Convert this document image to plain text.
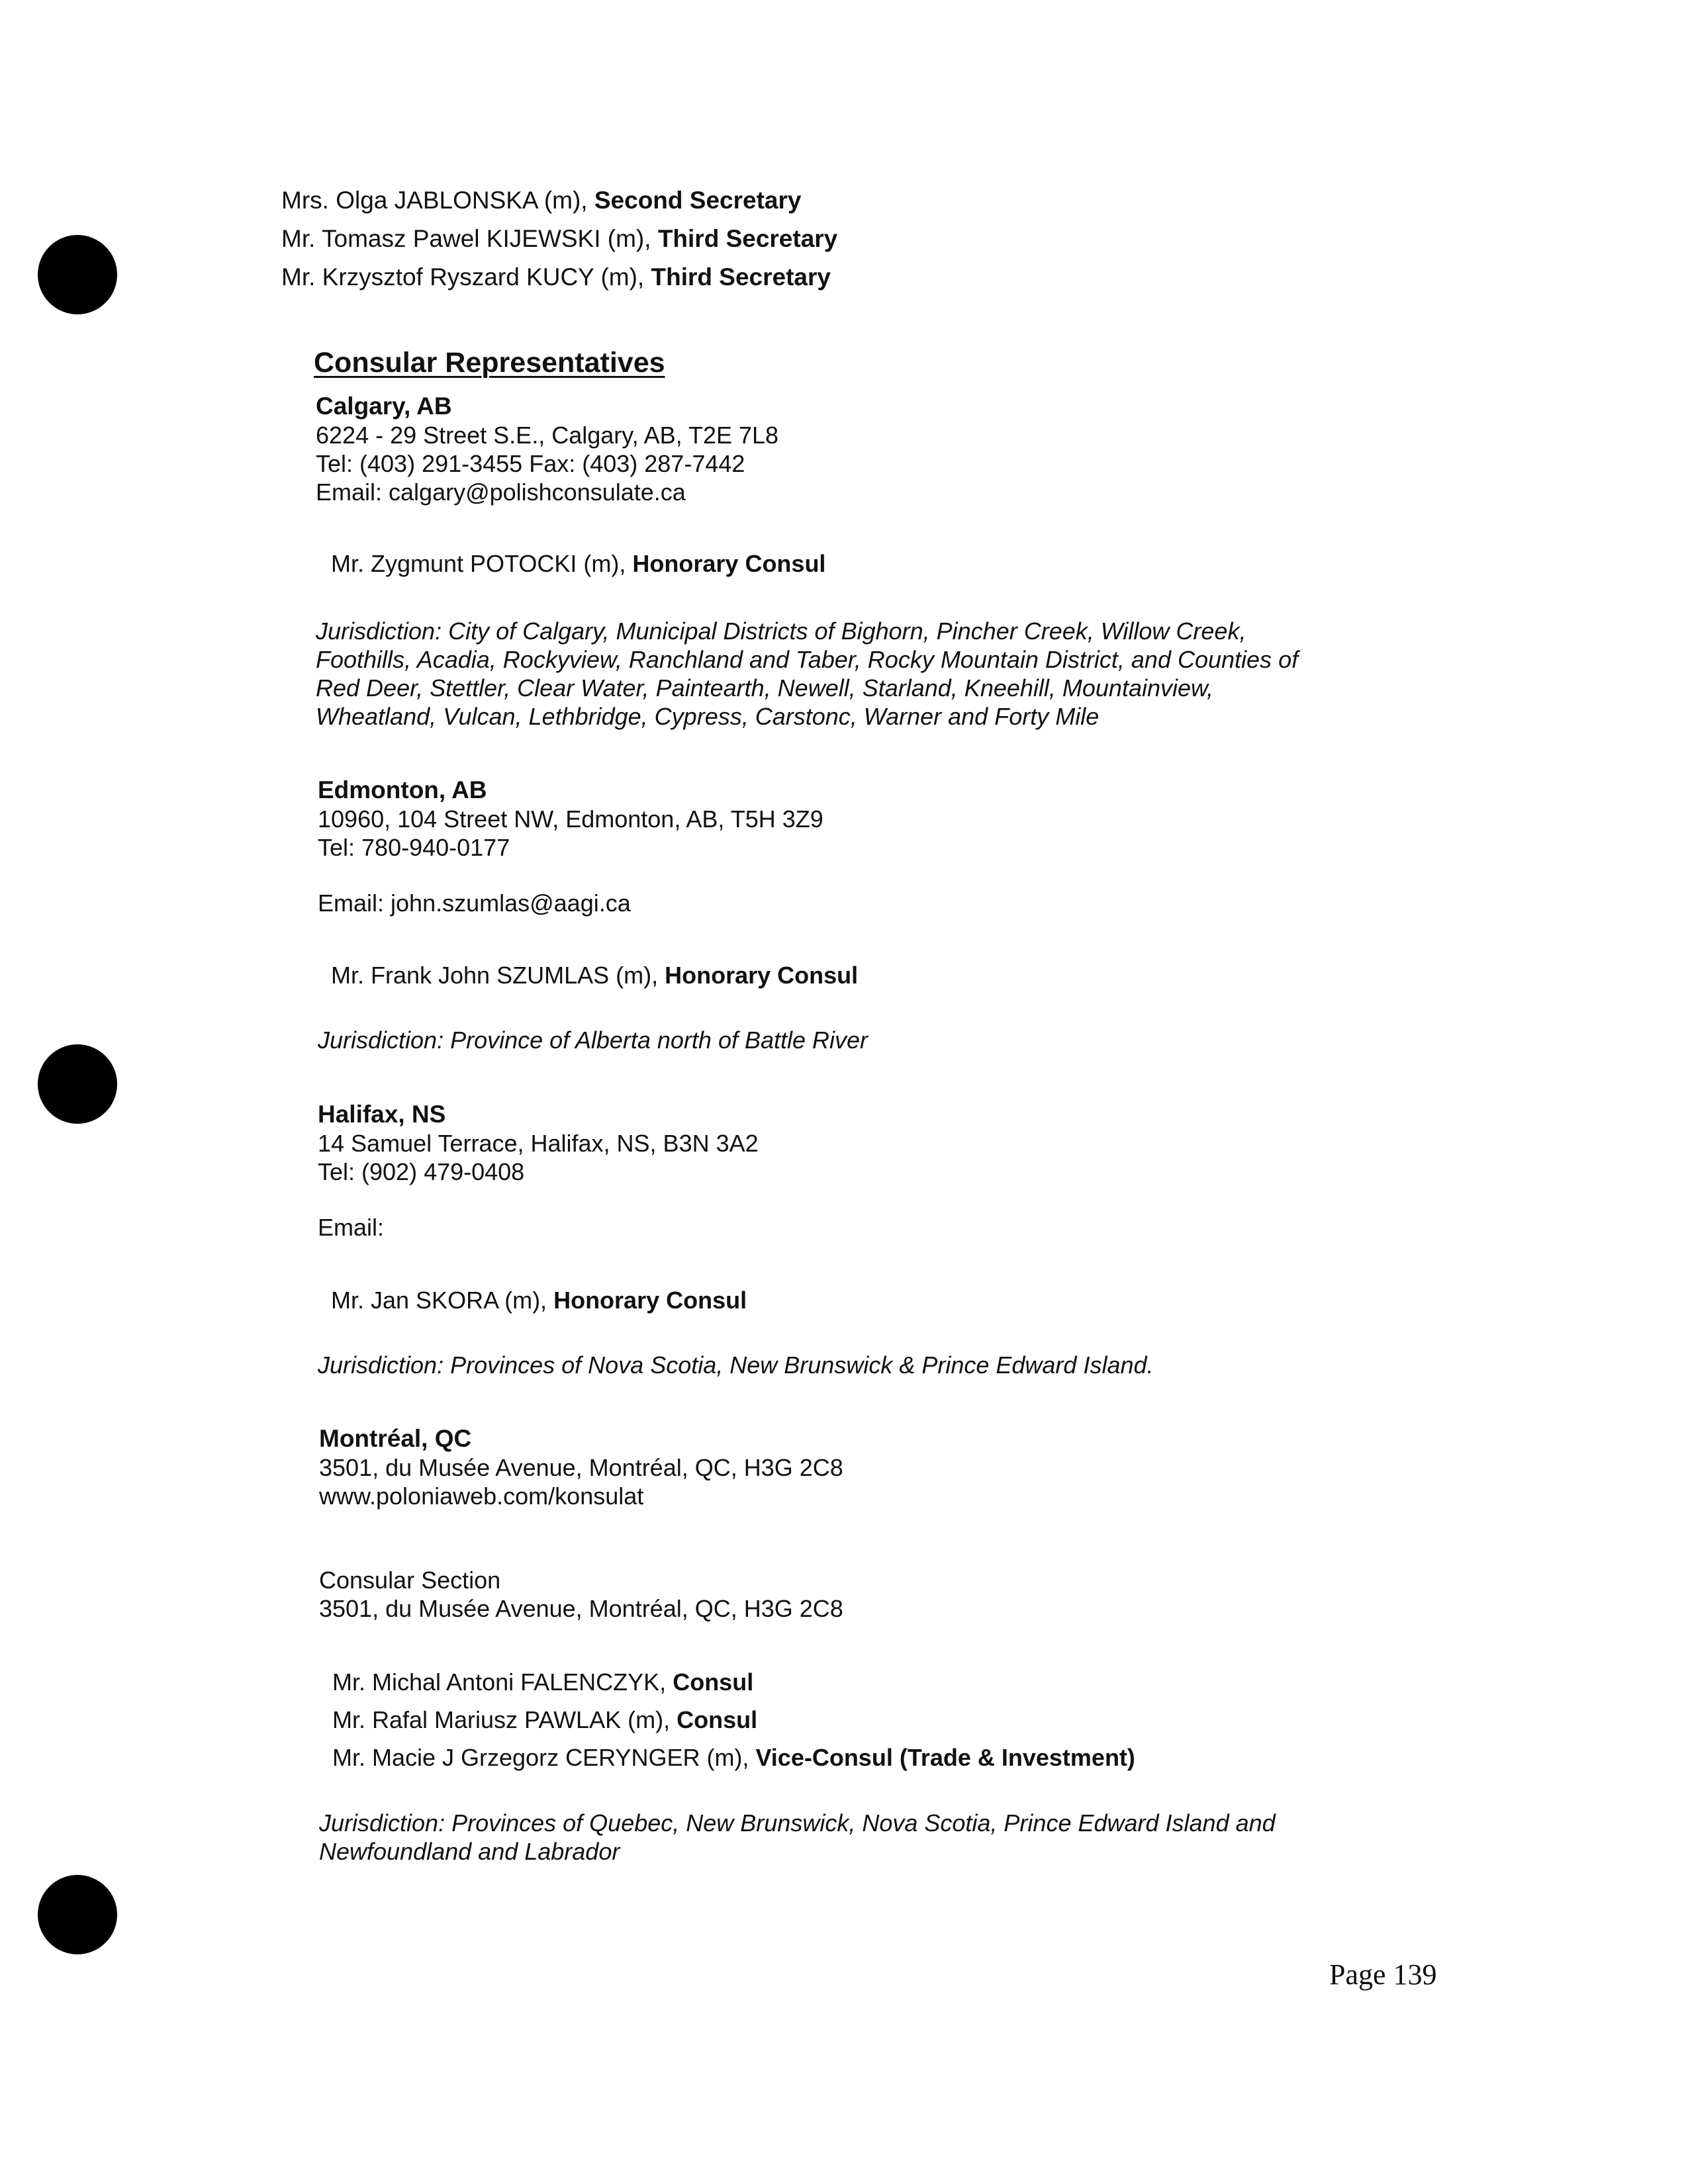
Mrs. Olga JABLONSKA (m), Second Secretary
Mr. Tomasz Pawel KIJEWSKI (m), Third Secretary
Mr. Krzysztof Ryszard KUCY (m), Third Secretary
Consular Representatives
Calgary, AB
6224 - 29 Street S.E., Calgary, AB, T2E 7L8
Tel: (403) 291-3455 Fax: (403) 287-7442
Email: calgary@polishconsulate.ca
Mr. Zygmunt POTOCKI (m), Honorary Consul
Jurisdiction: City of Calgary, Municipal Districts of Bighorn, Pincher Creek, Willow Creek,
Foothills, Acadia, Rockyview, Ranchland and Taber, Rocky Mountain District, and Counties of
Red Deer, Stettler, Clear Water, Paintearth, Newell, Starland, Kneehill, Mountainview,
Wheatland, Vulcan, Lethbridge, Cypress, Carstonc, Warner and Forty Mile
Edmonton, AB
10960, 104 Street NW, Edmonton, AB, T5H 3Z9
Tel: 780-940-0177
Email: john.szumlas@aagi.ca
Mr. Frank John SZUMLAS (m), Honorary Consul
Jurisdiction: Province of Alberta north of Battle River
Halifax, NS
14 Samuel Terrace, Halifax, NS, B3N 3A2
Tel: (902) 479-0408
Email:
Mr. Jan SKORA (m), Honorary Consul
Jurisdiction: Provinces of Nova Scotia, New Brunswick & Prince Edward Island.
Montréal, QC
3501, du Musée Avenue, Montréal, QC, H3G 2C8
www.poloniaweb.com/konsulat
Consular Section
3501, du Musée Avenue, Montréal, QC, H3G 2C8
Mr. Michal Antoni FALENCZYK, Consul
Mr. Rafal Mariusz PAWLAK (m), Consul
Mr. Macie J Grzegorz CERYNGER (m), Vice-Consul (Trade & Investment)
Jurisdiction: Provinces of Quebec, New Brunswick, Nova Scotia, Prince Edward Island and
Newfoundland and Labrador
Page 139
